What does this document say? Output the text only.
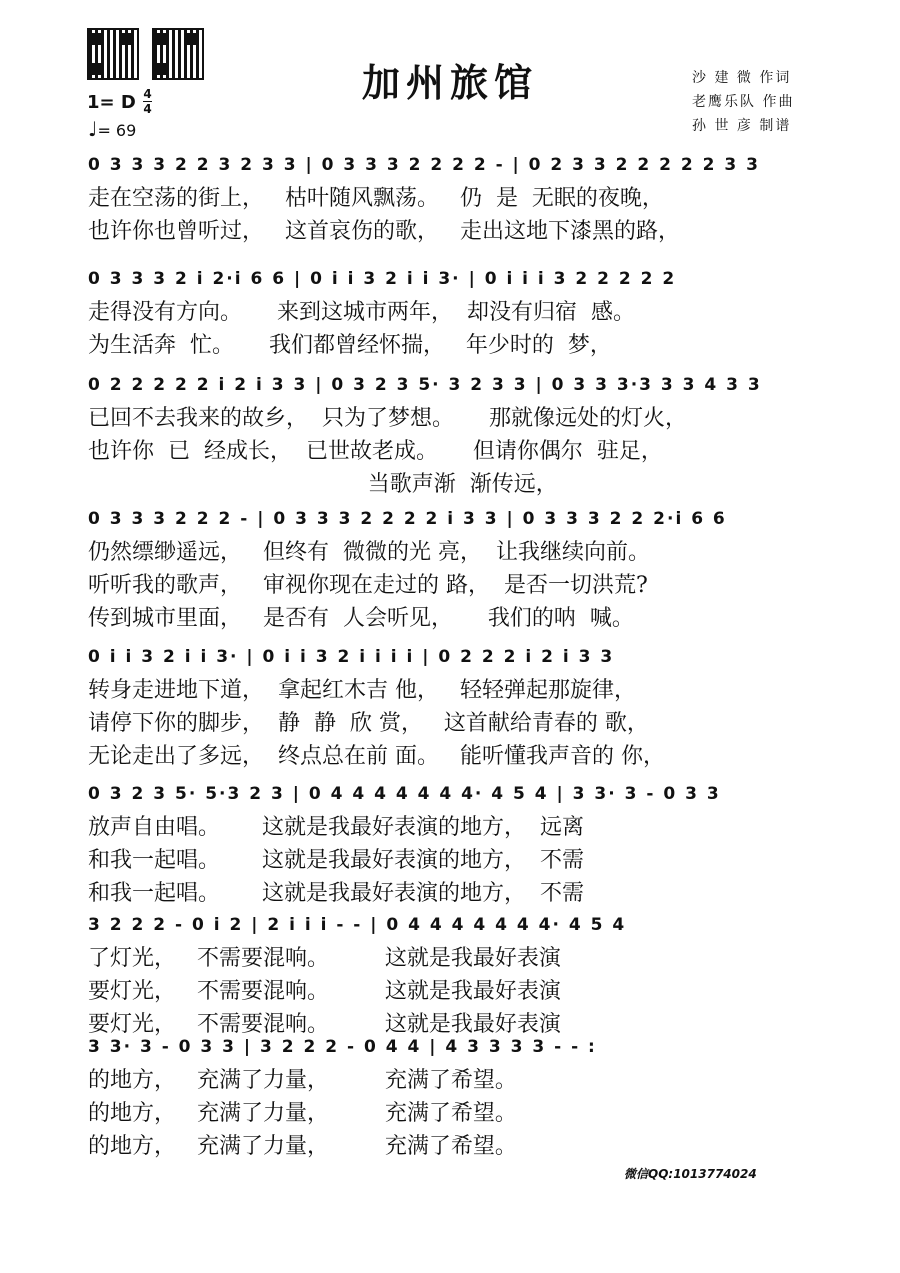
加州旅馆	沙 建 微 作词
老鹰乐队 作曲
孙 世 彦 制谱
1= D 4
4
♩= 69
0 3 3 3 2 2 3 2 3 3 | 0 3 3 3 2 2 2 2 - | 0 2 3 3 2 2 2 2 2 3 3
走在空荡的街上，   枯叶随风飘荡。   仍  是  无眠的夜晚，
也许你也曾听过，   这首哀伤的歌，   走出这地下漆黑的路，
0 3 3 3 2 i 2·i 6 6 | 0 i i 3 2 i i 3· | 0 i i i 3 2 2 2 2 2
走得没有方向。     来到这城市两年，  却没有归宿  感。
为生活奔  忙。     我们都曾经怀揣，   年少时的  梦，
0 2 2 2 2 2 i 2 i 3 3 | 0 3 2 3 5· 3 2 3 3 | 0 3 3 3·3 3 3 4 3 3
已回不去我来的故乡，  只为了梦想。     那就像远处的灯火，
也许你  已  经成长，  已世故老成。     但请你偶尔  驻足，
当歌声渐  渐传远，
0 3 3 3 2 2 2 - | 0 3 3 3 2 2 2 2 i 3 3 | 0 3 3 3 2 2 2·i 6 6
仍然缥缈遥远，   但终有  微微的光 亮，  让我继续向前。
听听我的歌声，   审视你现在走过的 路，  是否一切洪荒?
传到城市里面，   是否有  人会听见，     我们的呐  喊。
0 i i 3 2 i i 3· | 0 i i 3 2 i i i i | 0 2 2 2 i 2 i 3 3
转身走进地下道，  拿起红木吉 他，   轻轻弹起那旋律，
请停下你的脚步，  静  静  欣 赏，   这首献给青春的 歌，
无论走出了多远，  终点总在前 面。   能听懂我声音的 你，
0 3 2 3 5· 5·3 2 3 | 0 4 4 4 4 4 4 4· 4 5 4 | 3 3· 3 - 0 3 3
放声自由唱。      这就是我最好表演的地方，  远离
和我一起唱。      这就是我最好表演的地方，  不需
和我一起唱。      这就是我最好表演的地方，  不需
3 2 2 2 - 0 i 2 | 2 i i i - - | 0 4 4 4 4 4 4 4· 4 5 4
了灯光，   不需要混响。        这就是我最好表演
要灯光，   不需要混响。        这就是我最好表演
要灯光，   不需要混响。        这就是我最好表演
3 3· 3 - 0 3 3 | 3 2 2 2 - 0 4 4 | 4 3 3 3 3 - - :
的地方，   充满了力量，        充满了希望。
的地方，   充满了力量，        充满了希望。
的地方，   充满了力量，        充满了希望。
微信QQ:1013774024
